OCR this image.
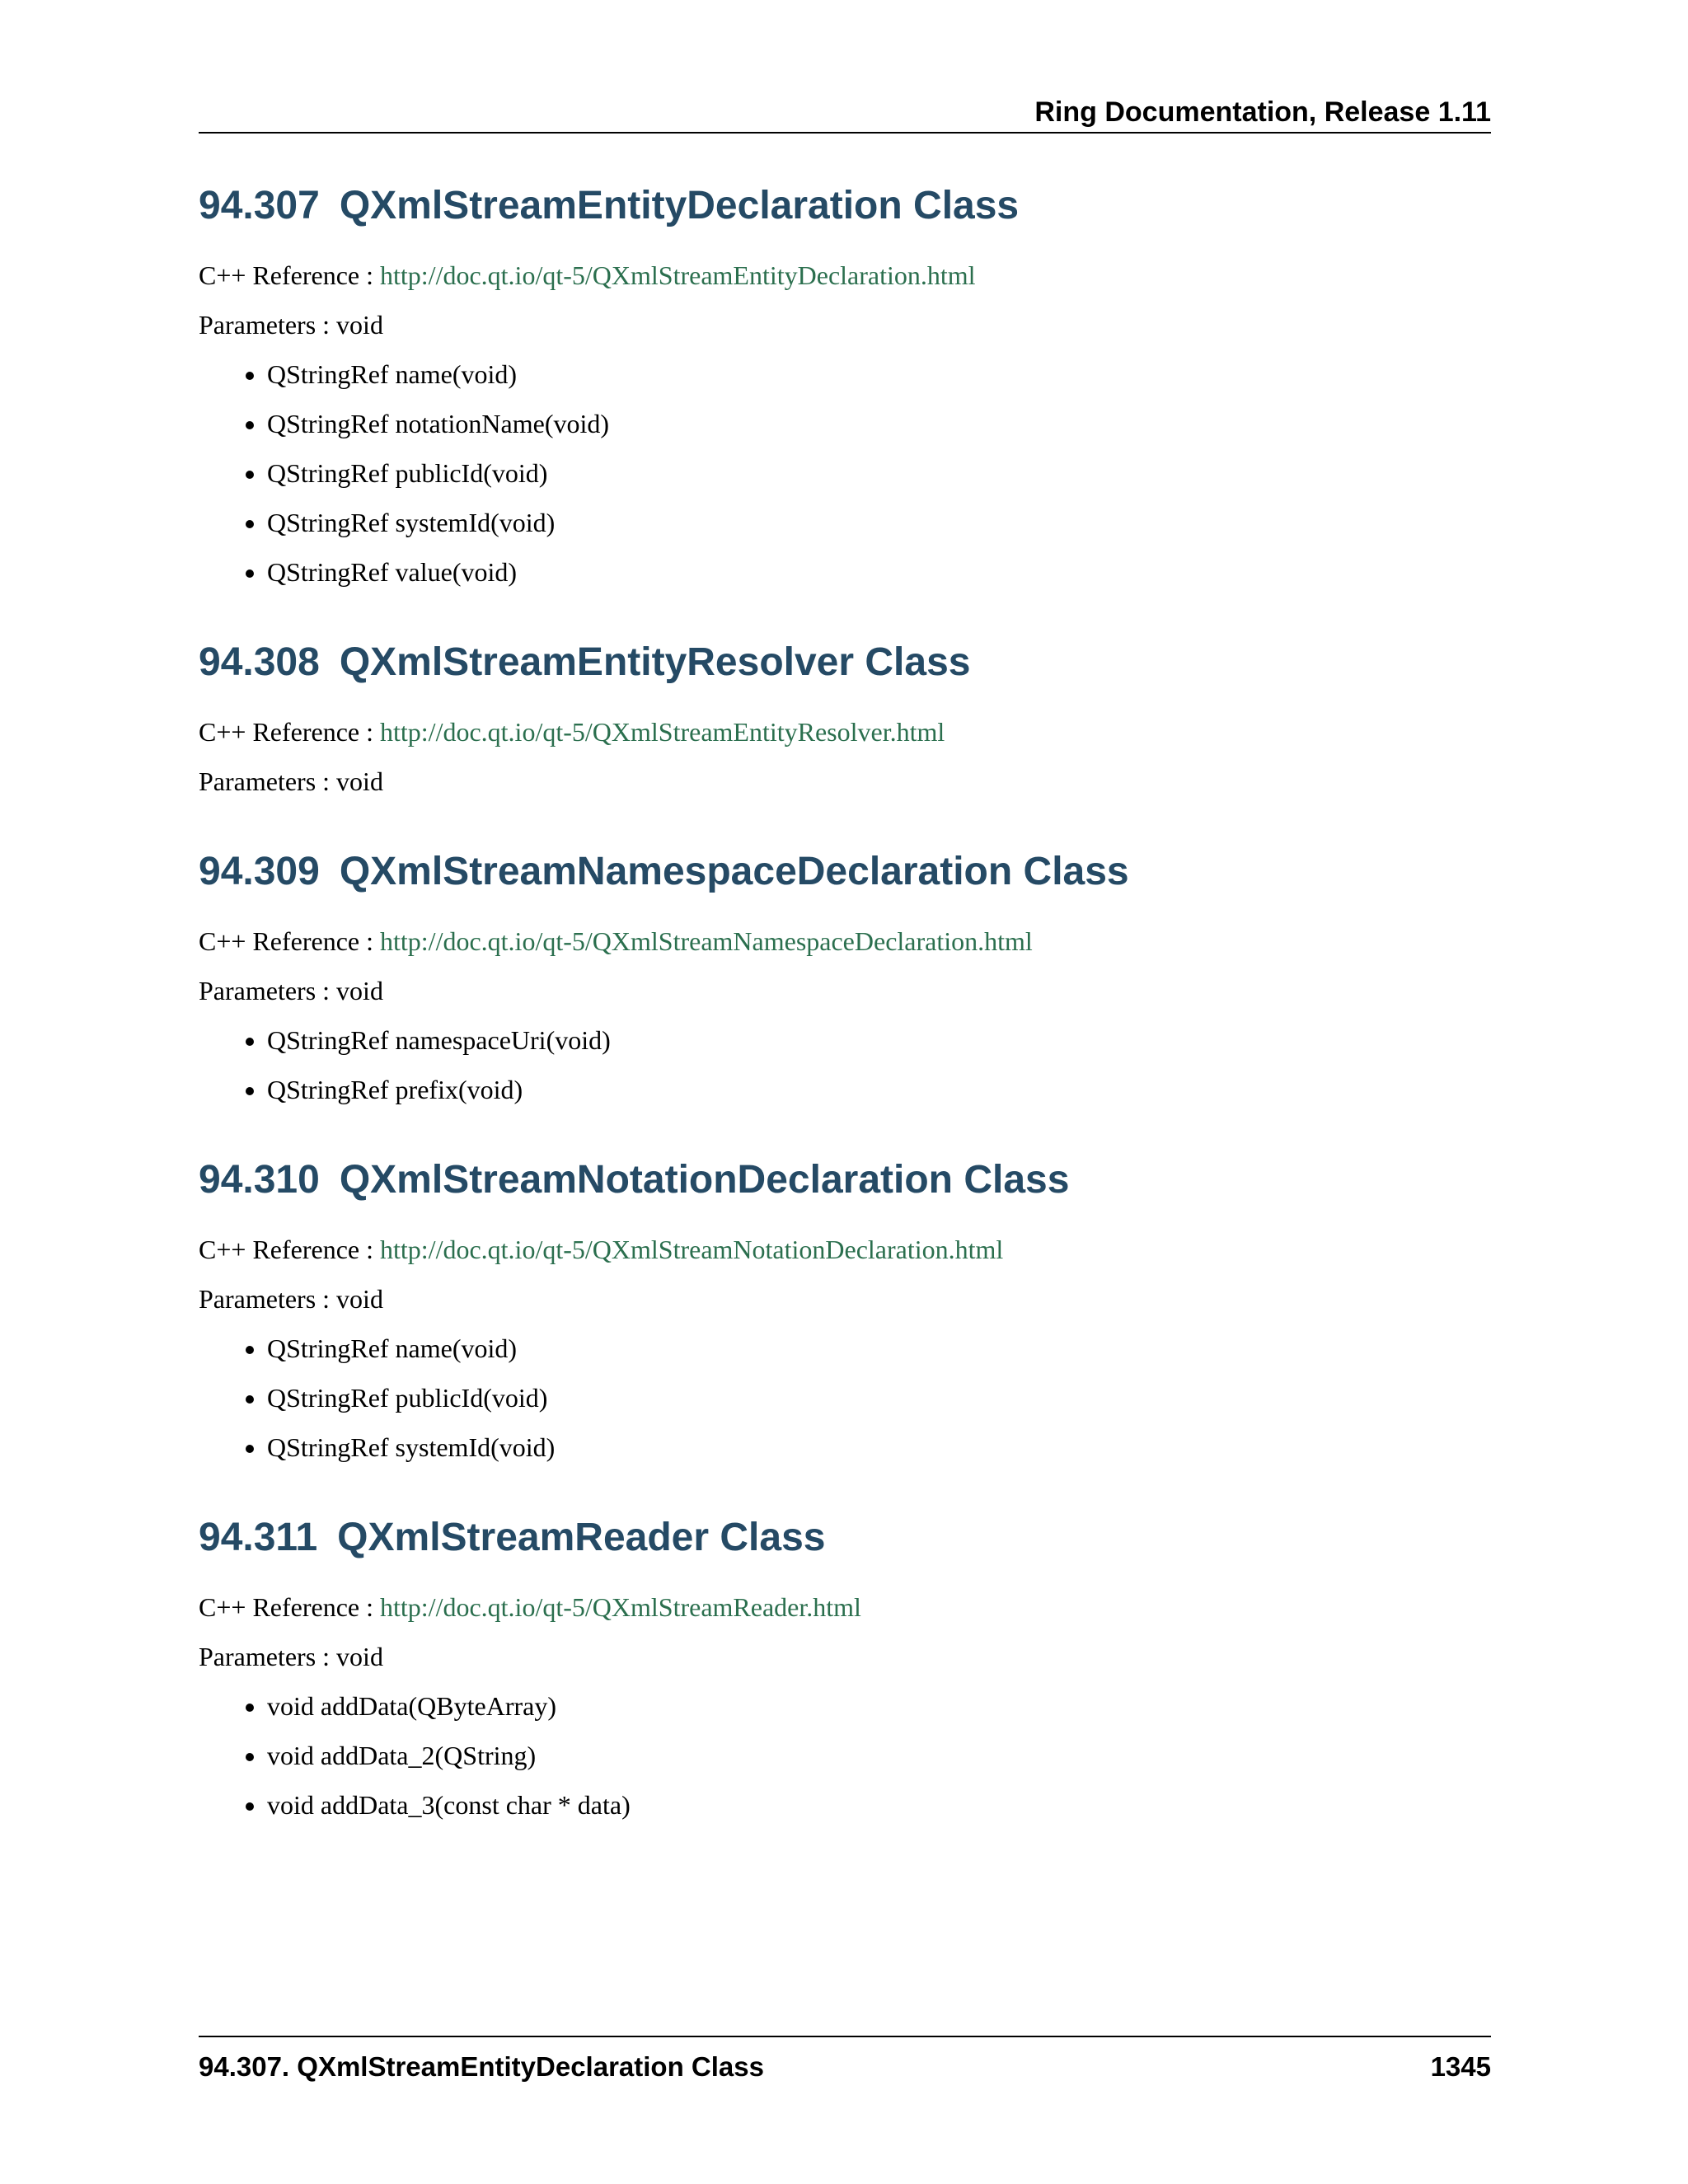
Ring Documentation, Release 1.11
94.307 QXmlStreamEntityDeclaration Class

C++ Reference : http://doc.qt.io/qt-5/QXmlStreamEntityDeclaration.html

Parameters : void

• QStringRef name(void)
• QStringRef notationName(void)
• QStringRef publicId(void)
• QStringRef systemId(void)
• QStringRef value(void)
94.308 QXmlStreamEntityResolver Class

C++ Reference : http://doc.qt.io/qt-5/QXmlStreamEntityResolver.html

Parameters : void

94.309 QXmlStreamNamespaceDeclaration Class

C++ Reference : http://doc.qt.io/qt-5/QXmlStreamNamespaceDeclaration.html

Parameters : void

• QStringRef namespaceUri(void)
• QStringRef prefix(void)
94.310 QXmlStreamNotationDeclaration Class

C++ Reference : http://doc.qt.io/qt-5/QXmlStreamNotationDeclaration.html

Parameters : void

• QStringRef name(void)
• QStringRef publicId(void)
• QStringRef systemId(void)
94.311 QXmlStreamReader Class

C++ Reference : http://doc.qt.io/qt-5/QXmlStreamReader.html

Parameters : void

• void addData(QByteArray)
• void addData_2(QString)
• void addData_3(const char * data)
94.307. QXmlStreamEntityDeclaration Class	1345
